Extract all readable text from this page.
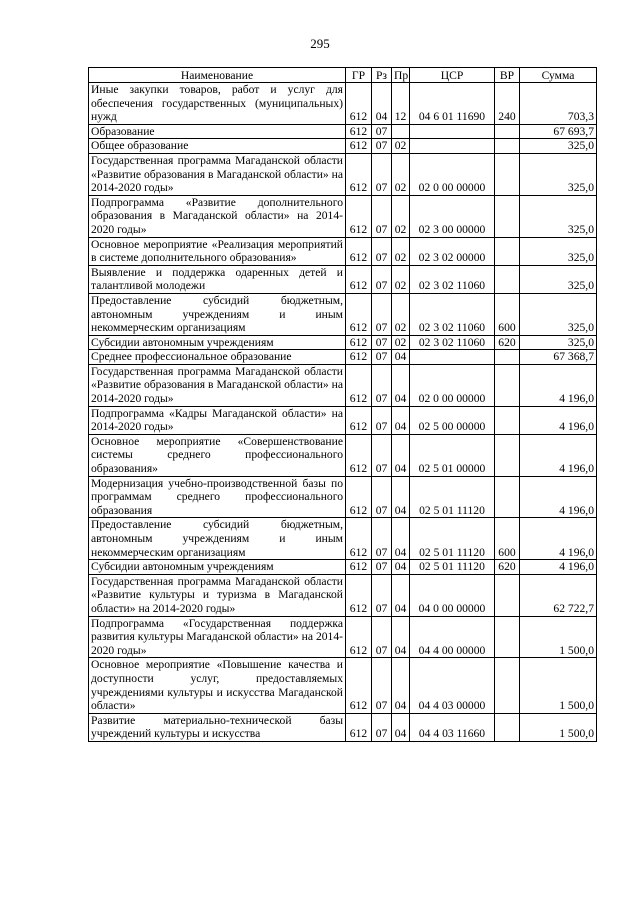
295
Наименование	ГР	Рз	Пр	ЦСР	ВР	Сумма
Иные закупки товаров, работ и услуг для обеспечения государственных (муниципальных) нужд	612	04	12	04 6 01 11690	240	703,3
Образование	612	07				67 693,7
Общее образование	612	07	02			325,0
Государственная программа Магаданской области «Развитие образования в Магаданской области» на 2014-2020 годы»	612	07	02	02 0 00 00000		325,0
Подпрограмма «Развитие дополнительного образования в Магаданской области» на 2014-2020 годы»	612	07	02	02 3 00 00000		325,0
Основное мероприятие «Реализация мероприятий в системе дополнительного образования»	612	07	02	02 3 02 00000		325,0
Выявление и поддержка одаренных детей и талантливой молодежи	612	07	02	02 3 02 11060		325,0
Предоставление субсидий бюджетным, автономным учреждениям и иным некоммерческим организациям	612	07	02	02 3 02 11060	600	325,0
Субсидии автономным учреждениям	612	07	02	02 3 02 11060	620	325,0
Среднее профессиональное образование	612	07	04			67 368,7
Государственная программа Магаданской области «Развитие образования в Магаданской области» на 2014-2020 годы»	612	07	04	02 0 00 00000		4 196,0
Подпрограмма «Кадры Магаданской области» на 2014-2020 годы»	612	07	04	02 5 00 00000		4 196,0
Основное мероприятие «Совершенствование системы среднего профессионального образования»	612	07	04	02 5 01 00000		4 196,0
Модернизация учебно-производственной базы по программам среднего профессионального образования	612	07	04	02 5 01 11120		4 196,0
Предоставление субсидий бюджетным, автономным учреждениям и иным некоммерческим организациям	612	07	04	02 5 01 11120	600	4 196,0
Субсидии автономным учреждениям	612	07	04	02 5 01 11120	620	4 196,0
Государственная программа Магаданской области «Развитие культуры и туризма в Магаданской области» на 2014-2020 годы»	612	07	04	04 0 00 00000		62 722,7
Подпрограмма «Государственная поддержка развития культуры Магаданской области» на 2014-2020 годы»	612	07	04	04 4 00 00000		1 500,0
Основное мероприятие «Повышение качества и доступности услуг, предоставляемых учреждениями культуры и искусства Магаданской области»	612	07	04	04 4 03 00000		1 500,0
Развитие материально-технической базы учреждений культуры и искусства	612	07	04	04 4 03 11660		1 500,0
